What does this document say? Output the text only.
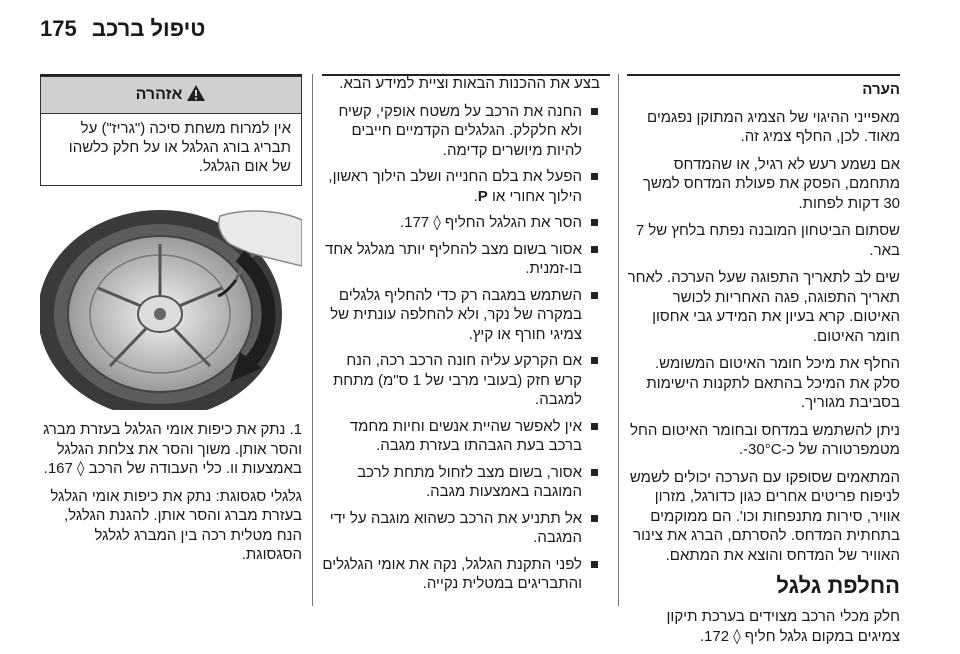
175 טיפול ברכב

הערה

מאפייני ההיגוי של הצמיג המתוקן נפגמים מאוד. לכן, החלף צמיג זה.

אם נשמע רעש לא רגיל, או שהמדחס מתחמם, הפסק את פעולת המדחס למשך 30 דקות לפחות.

שסתום הביטחון המובנה נפתח בלחץ של 7 באר.

שים לב לתאריך התפוגה שעל הערכה. לאחר תאריך התפוגה, פגה האחריות לכושר האיטום. קרא בעיון את המידע גבי אחסון חומר האיטום.

החלף את מיכל חומר האיטום המשומש. סלק את המיכל בהתאם לתקנות הישימות בסביבת מגוריך.

ניתן להשתמש במדחס ובחומר האיטום החל מטמפרטורה של כ-30°C-.

המתאמים שסופקו עם הערכה יכולים לשמש לניפוח פריטים אחרים כגון כדורגל, מזרון אוויר, סירות מתנפחות וכו'. הם ממוקמים בתחתית המדחס. להסרתם, הברג את צינור האוויר של המדחס והוצא את המתאם.

החלפת גלגל

חלק מכלי הרכב מצוידים בערכת תיקון צמיגים במקום גלגל חליף ◊ 172.

בצע את ההכנות הבאות וציית למידע הבא.

החנה את הרכב על משטח אופקי, קשיח ולא חלקלק. הגלגלים הקדמיים חייבים להיות מיושרים קדימה.
הפעל את בלם החנייה ושלב הילוך ראשון, הילוך אחורי או P.
הסר את הגלגל החליף ◊ 177.
אסור בשום מצב להחליף יותר מגלגל אחד בו-זמנית.
השתמש במגבה רק כדי להחליף גלגלים במקרה של נקר, ולא להחלפה עונתית של צמיגי חורף או קיץ.
אם הקרקע עליה חונה הרכב רכה, הנח קרש חזק (בעובי מרבי של 1 ס"מ) מתחת למגבה.
אין לאפשר שהיית אנשים וחיות מחמד ברכב בעת הגבהתו בעזרת מגבה.
אסור, בשום מצב לזחול מתחת לרכב המוגבה באמצעות מגבה.
אל תתניע את הרכב כשהוא מוגבה על ידי המגבה.
לפני התקנת הגלגל, נקה את אומי הגלגלים והתבריגים במטלית נקייה.
אזהרה
אין למרוח משחת סיכה ("גריז") על תבריג בורג הגלגל או על חלק כלשהו של אום הגלגל.

1. נתק את כיפות אומי הגלגל בעזרת מברג והסר אותן. משוך והסר את צלחת הגלגל באמצעות וו. כלי העבודה של הרכב ◊ 167.

גלגלי סגסוגת: נתק את כיפות אומי הגלגל בעזרת מברג והסר אותן. להגנת הגלגל, הנח מטלית רכה בין המברג לגלגל הסגסוגת.
